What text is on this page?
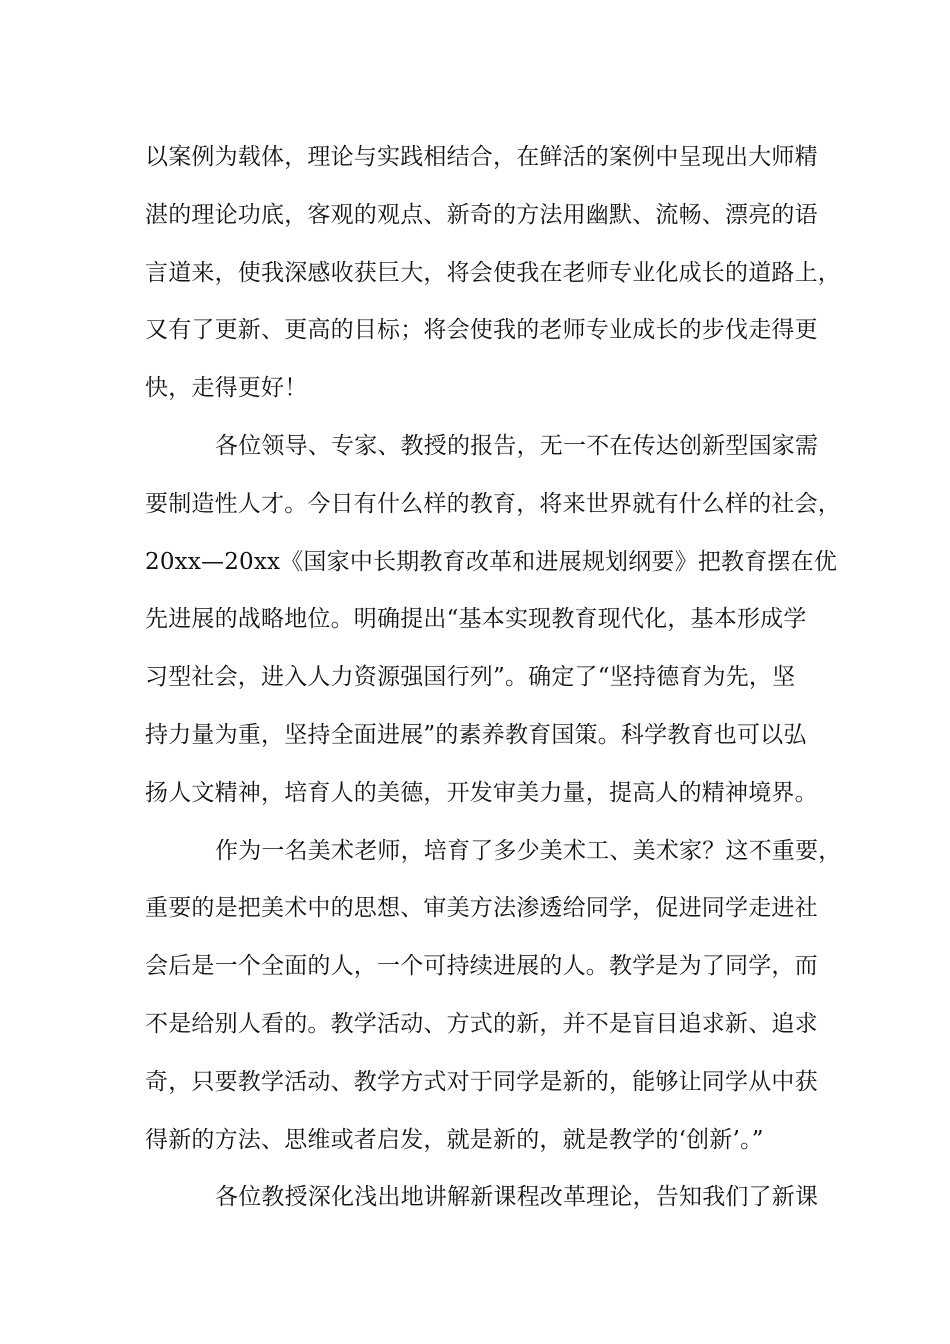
以案例为载体，理论与实践相结合，在鲜活的案例中呈现出大师精
湛的理论功底，客观的观点、新奇的方法用幽默、流畅、漂亮的语
言道来，使我深感收获巨大，将会使我在老师专业化成长的道路上，
又有了更新、更高的目标；将会使我的老师专业成长的步伐走得更
快，走得更好！
各位领导、专家、教授的报告，无一不在传达创新型国家需
要制造性人才。今日有什么样的教育，将来世界就有什么样的社会，
20xx—20xx《国家中长期教育改革和进展规划纲要》把教育摆在优
先进展的战略地位。明确提出“基本实现教育现代化，基本形成学
习型社会，进入人力资源强国行列”。确定了“坚持德育为先，坚
持力量为重，坚持全面进展”的素养教育国策。科学教育也可以弘
扬人文精神，培育人的美德，开发审美力量，提高人的精神境界。
作为一名美术老师，培育了多少美术工、美术家？这不重要，
重要的是把美术中的思想、审美方法渗透给同学，促进同学走进社
会后是一个全面的人，一个可持续进展的人。教学是为了同学，而
不是给别人看的。教学活动、方式的新，并不是盲目追求新、追求
奇，只要教学活动、教学方式对于同学是新的，能够让同学从中获
得新的方法、思维或者启发，就是新的，就是教学的‘创新’。”
各位教授深化浅出地讲解新课程改革理论，告知我们了新课
